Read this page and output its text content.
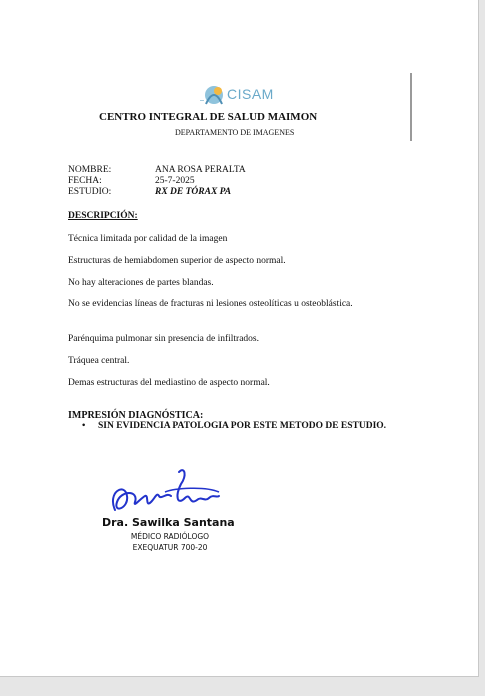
CISAM
CENTRO INTEGRAL DE SALUD MAIMON
DEPARTAMENTO DE IMAGENES
NOMBRE:	ANA ROSA PERALTA
FECHA:	25-7-2025
ESTUDIO:	RX DE TÓRAX PA
DESCRIPCIÓN:
Técnica limitada por calidad de la imagen
Estructuras de hemiabdomen superior de aspecto normal.
No hay alteraciones de partes blandas.
No se evidencias líneas de fracturas ni lesiones osteolíticas u osteoblástica.
Parénquima pulmonar sin presencia de infiltrados.
Tráquea central.
Demas estructuras del mediastino de aspecto normal.
IMPRESIÓN DIAGNÓSTICA:
• SIN EVIDENCIA PATOLOGIA POR ESTE METODO DE ESTUDIO.
Dra. Sawilka Santana
MÉDICO RADIÓLOGO
EXEQUATUR 700-20
